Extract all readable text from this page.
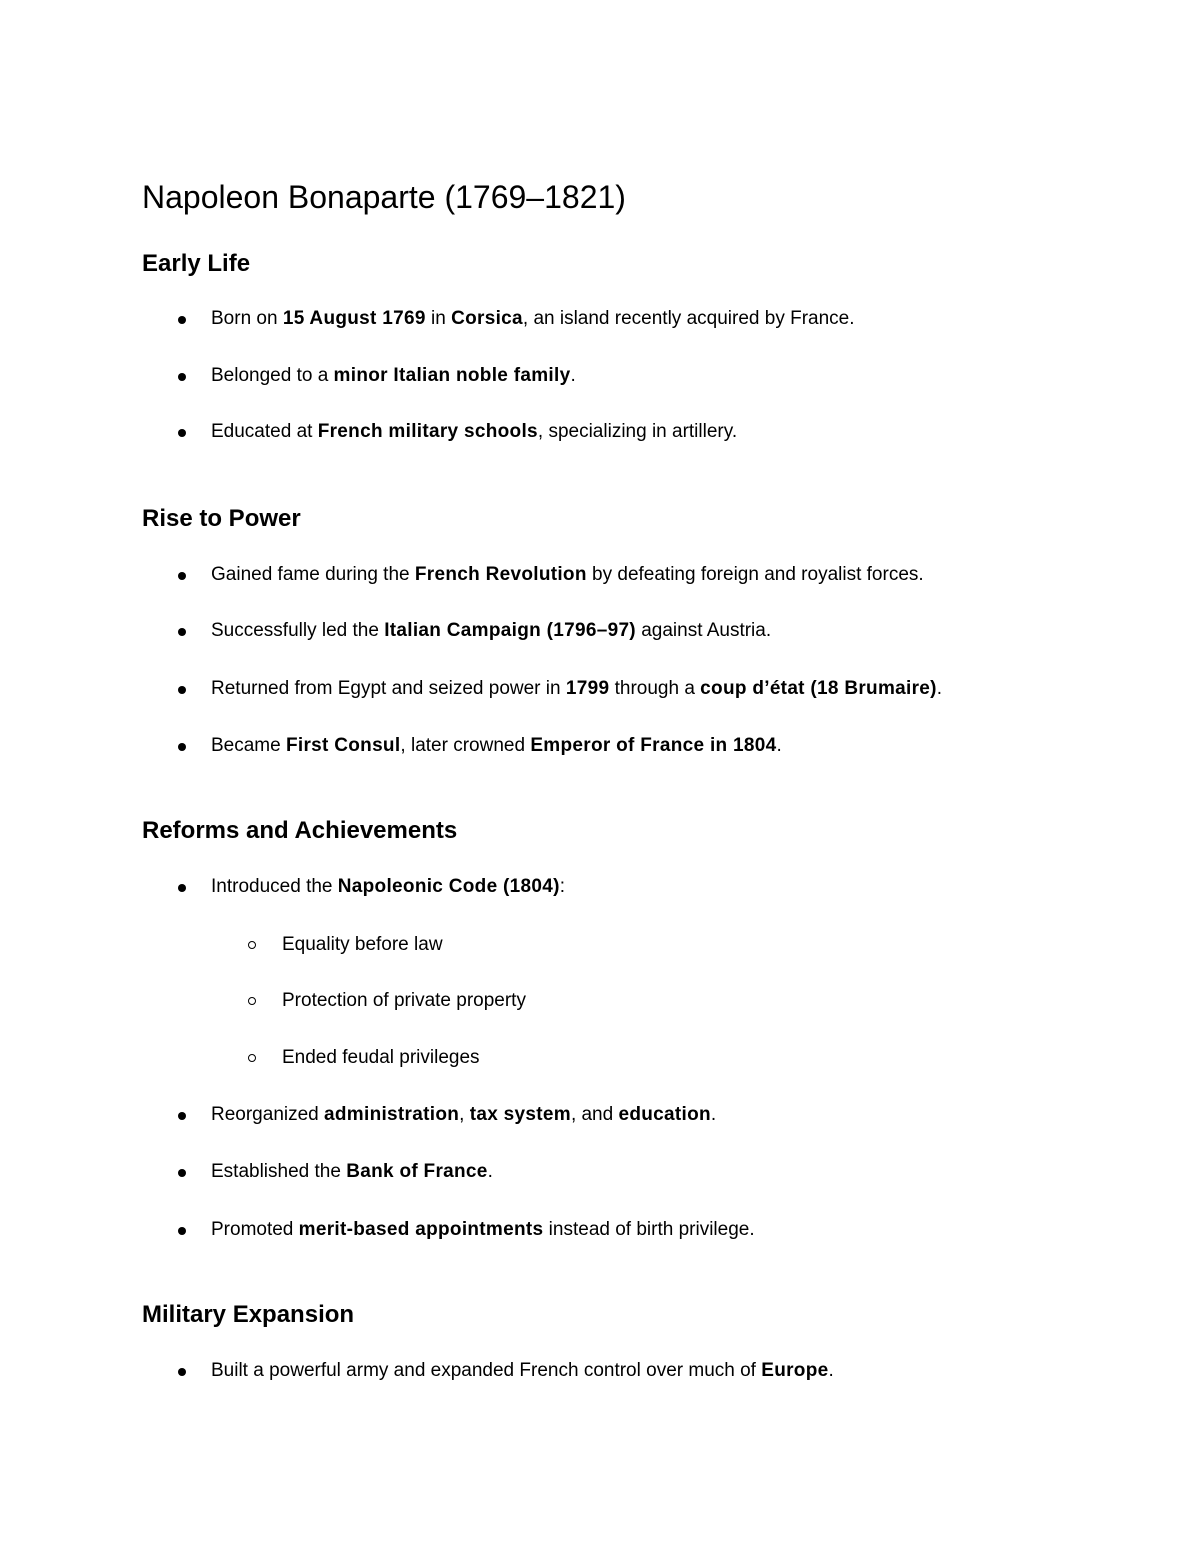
Napoleon Bonaparte (1769–1821)
Early Life
Born on 15 August 1769 in Corsica, an island recently acquired by France.
Belonged to a minor Italian noble family.
Educated at French military schools, specializing in artillery.
Rise to Power
Gained fame during the French Revolution by defeating foreign and royalist forces.
Successfully led the Italian Campaign (1796–97) against Austria.
Returned from Egypt and seized power in 1799 through a coup d’état (18 Brumaire).
Became First Consul, later crowned Emperor of France in 1804.
Reforms and Achievements
Introduced the Napoleonic Code (1804):
Equality before law
Protection of private property
Ended feudal privileges
Reorganized administration, tax system, and education.
Established the Bank of France.
Promoted merit-based appointments instead of birth privilege.
Military Expansion
Built a powerful army and expanded French control over much of Europe.
